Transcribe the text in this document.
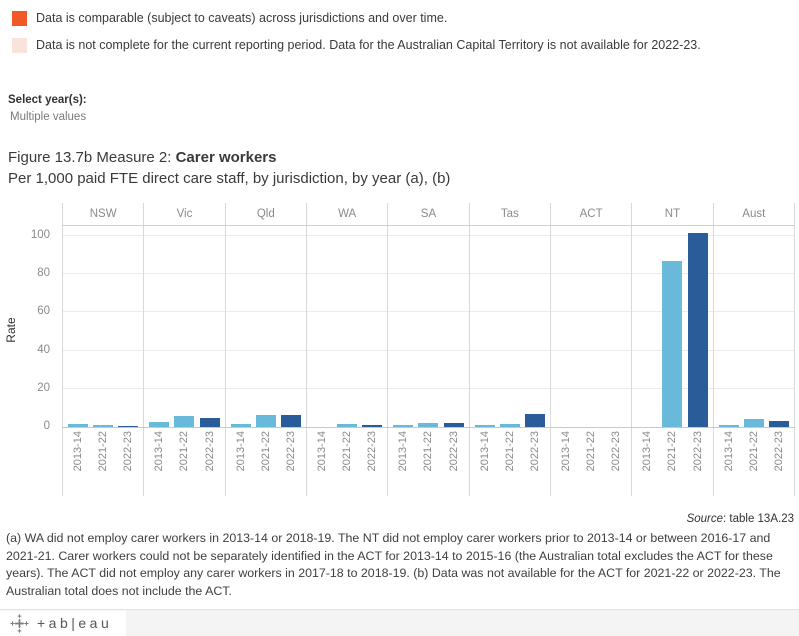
Data is comparable (subject to caveats) across jurisdictions and over time.
Data is not complete for the current reporting period. Data for the Australian Capital Territory is not available for 2022-23.
Select year(s):
Multiple values
Figure 13.7b Measure 2: Carer workers
Per 1,000 paid FTE direct care staff, by jurisdiction, by year (a), (b)
Rate
0
20
40
60
80
100
NSW	Vic	Qld	WA	SA	Tas	ACT	NT	Aust
2013-14 2021-22 2022-23 2013-14 2021-22 2022-23 2013-14 2021-22 2022-23 2013-14 2021-22 2022-23 2013-14 2021-22 2022-23 2013-14 2021-22 2022-23 2013-14 2021-22 2022-23 2013-14 2021-22 2022-23 2013-14 2021-22 2022-23
Source: table 13A.23
(a) WA did not employ carer workers in 2013-14 or 2018-19. The NT did not employ carer workers prior to 2013-14 or between 2016-17 and 2021-21. Carer workers could not be separately identified in the ACT for 2013-14 to 2015-16 (the Australian total excludes the ACT for these years). The ACT did not employ any carer workers in 2017-18 to 2018-19. (b) Data was not available for the ACT for 2021-22 or 2022-23. The Australian total does not include the ACT.
+ab|eau
